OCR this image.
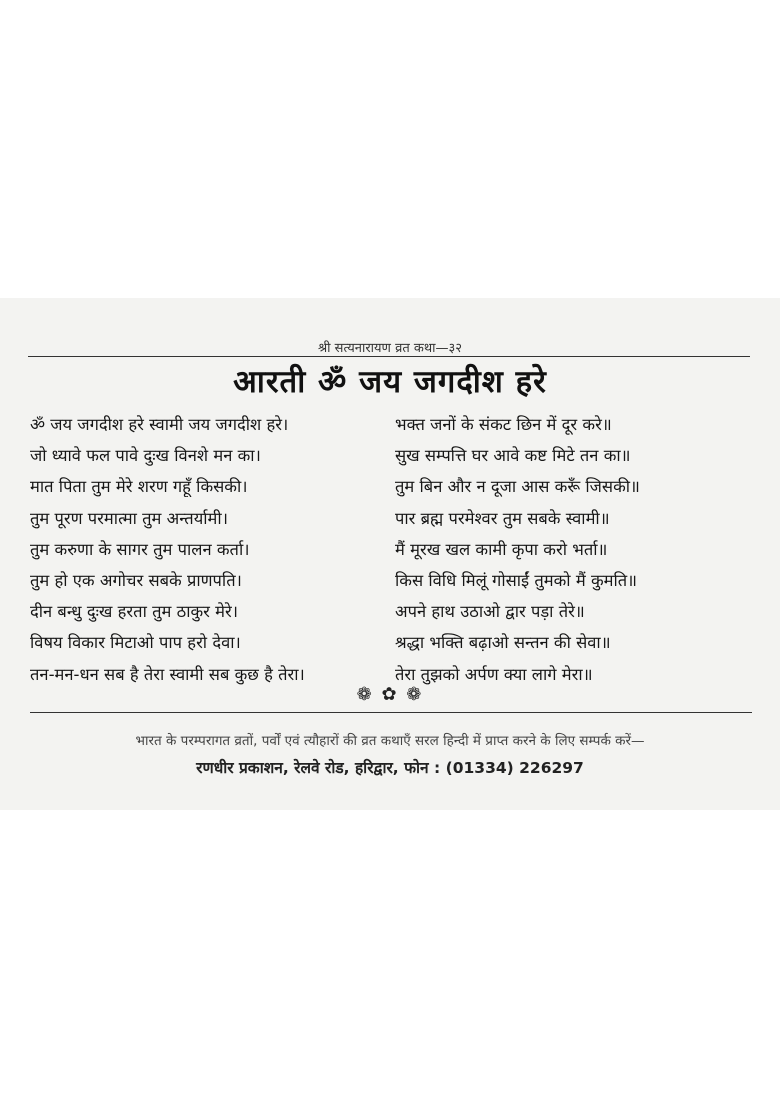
श्री सत्यनारायण व्रत कथा—३२
आरती ॐ जय जगदीश हरे
ॐ जय जगदीश हरे स्वामी जय जगदीश हरे।	भक्त जनों के संकट छिन में दूर करे॥
जो ध्यावे फल पावे दुःख विनशे मन का।	सुख सम्पत्ति घर आवे कष्ट मिटे तन का॥
मात पिता तुम मेरे शरण गहूँ किसकी।	तुम बिन और न दूजा आस करूँ जिसकी॥
तुम पूरण परमात्मा तुम अन्तर्यामी।	पार ब्रह्म परमेश्वर तुम सबके स्वामी॥
तुम करुणा के सागर तुम पालन कर्ता।	मैं मूरख खल कामी कृपा करो भर्ता॥
तुम हो एक अगोचर सबके प्राणपति।	किस विधि मिलूं गोसाईं तुमको मैं कुमति॥
दीन बन्धु दुःख हरता तुम ठाकुर मेरे।	अपने हाथ उठाओ द्वार पड़ा तेरे॥
विषय विकार मिटाओ पाप हरो देवा।	श्रद्धा भक्ति बढ़ाओ सन्तन की सेवा॥
तन-मन-धन सब है तेरा स्वामी सब कुछ है तेरा।	तेरा तुझको अर्पण क्या लागे मेरा॥
❁ ✿ ❁
भारत के परम्परागत व्रतों, पर्वों एवं त्यौहारों की व्रत कथाएँ सरल हिन्दी में प्राप्त करने के लिए सम्पर्क करें—
रणधीर प्रकाशन, रेलवे रोड, हरिद्वार, फोन : (01334) 226297
